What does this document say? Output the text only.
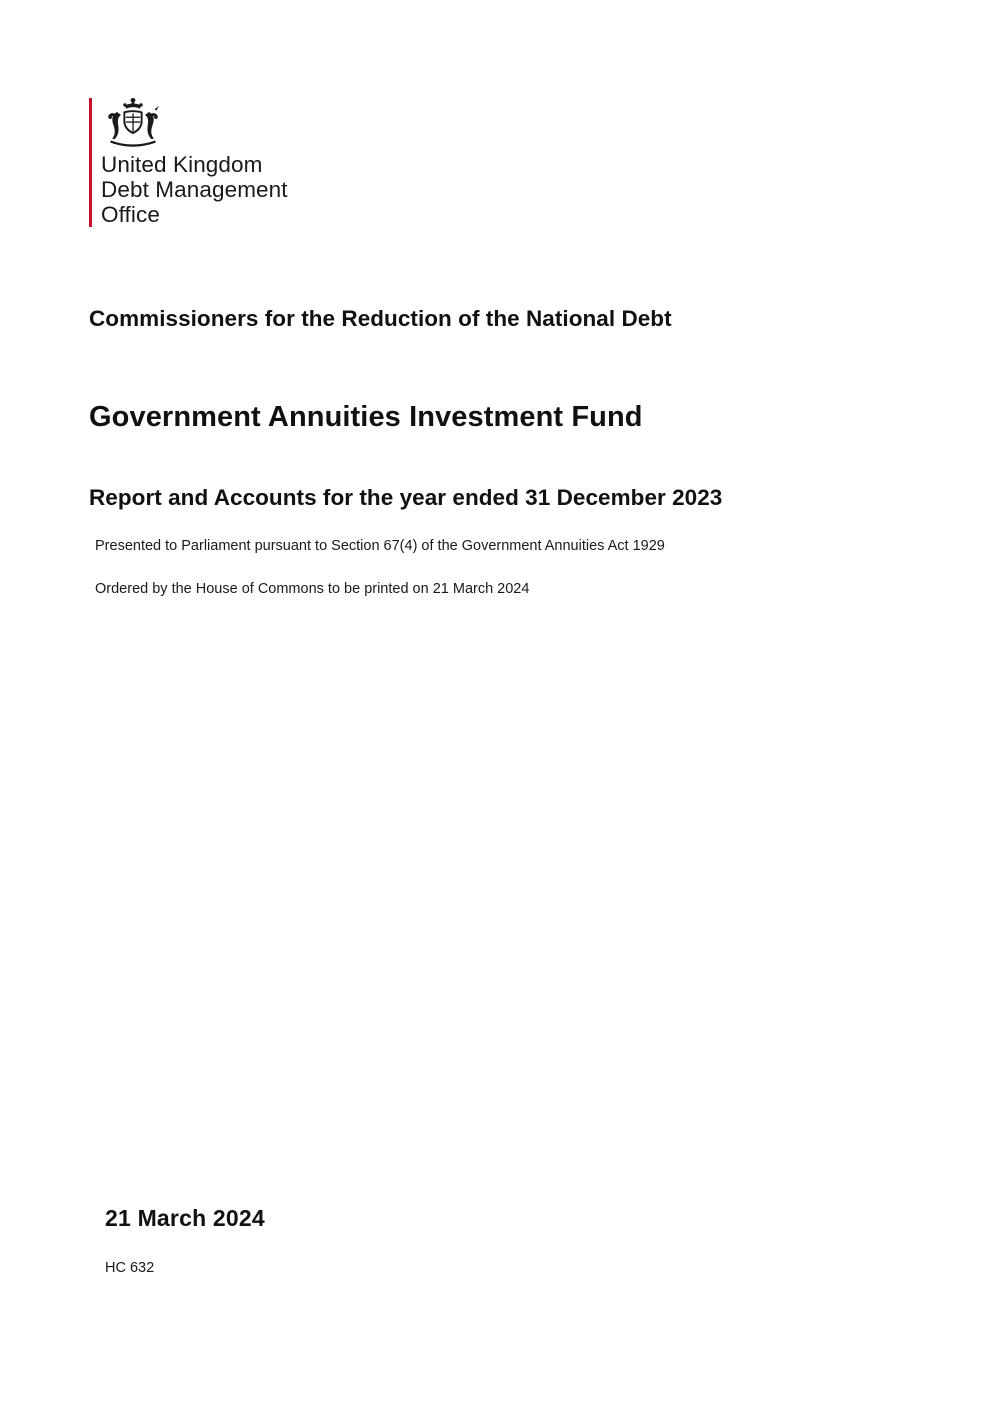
United Kingdom
Debt Management
Office
Commissioners for the Reduction of the National Debt
Government Annuities Investment Fund
Report and Accounts for the year ended 31 December 2023
Presented to Parliament pursuant to Section 67(4) of the Government Annuities Act 1929
Ordered by the House of Commons to be printed on 21 March 2024
21 March 2024
HC 632
